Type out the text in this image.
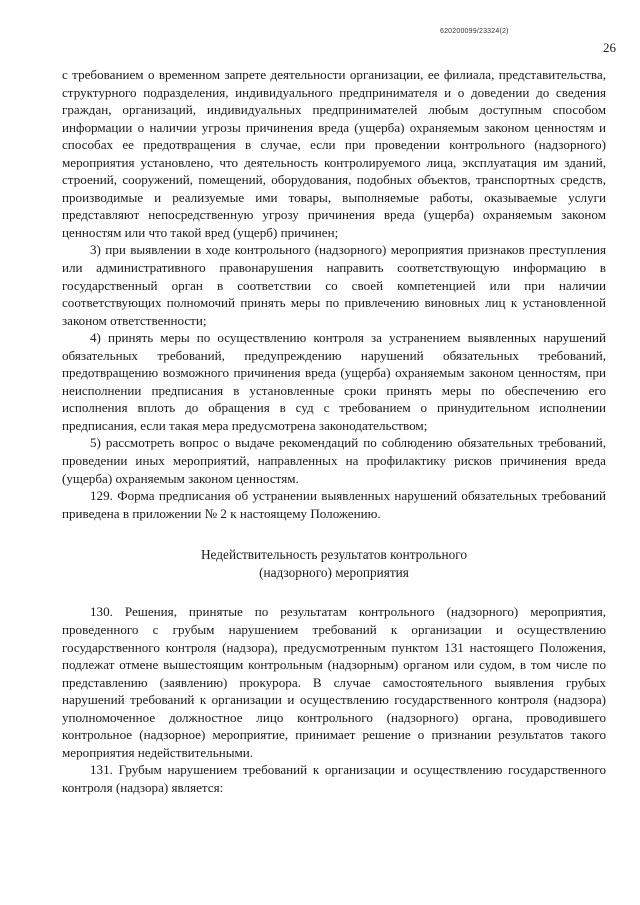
620200099/23324(2)
26

с требованием о временном запрете деятельности организации, ее филиала, представительства, структурного подразделения, индивидуального предпринимателя и о доведении до сведения граждан, организаций, индивидуальных предпринимателей любым доступным способом информации о наличии угрозы причинения вреда (ущерба) охраняемым законом ценностям и способах ее предотвращения в случае, если при проведении контрольного (надзорного) мероприятия установлено, что деятельность контролируемого лица, эксплуатация им зданий, строений, сооружений, помещений, оборудования, подобных объектов, транспортных средств, производимые и реализуемые ими товары, выполняемые работы, оказываемые услуги представляют непосредственную угрозу причинения вреда (ущерба) охраняемым законом ценностям или что такой вред (ущерб) причинен;

3) при выявлении в ходе контрольного (надзорного) мероприятия признаков преступления или административного правонарушения направить соответствующую информацию в государственный орган в соответствии со своей компетенцией или при наличии соответствующих полномочий принять меры по привлечению виновных лиц к установленной законом ответственности;

4) принять меры по осуществлению контроля за устранением выявленных нарушений обязательных требований, предупреждению нарушений обязательных требований, предотвращению возможного причинения вреда (ущерба) охраняемым законом ценностям, при неисполнении предписания в установленные сроки принять меры по обеспечению его исполнения вплоть до обращения в суд с требованием о принудительном исполнении предписания, если такая мера предусмотрена законодательством;

5) рассмотреть вопрос о выдаче рекомендаций по соблюдению обязательных требований, проведении иных мероприятий, направленных на профилактику рисков причинения вреда (ущерба) охраняемым законом ценностям.

129. Форма предписания об устранении выявленных нарушений обязательных требований приведена в приложении № 2 к настоящему Положению.

Недействительность результатов контрольного
(надзорного) мероприятия

130. Решения, принятые по результатам контрольного (надзорного) мероприятия, проведенного с грубым нарушением требований к организации и осуществлению государственного контроля (надзора), предусмотренным пунктом 131 настоящего Положения, подлежат отмене вышестоящим контрольным (надзорным) органом или судом, в том числе по представлению (заявлению) прокурора. В случае самостоятельного выявления грубых нарушений требований к организации и осуществлению государственного контроля (надзора) уполномоченное должностное лицо контрольного (надзорного) органа, проводившего контрольное (надзорное) мероприятие, принимает решение о признании результатов такого мероприятия недействительными.

131. Грубым нарушением требований к организации и осуществлению государственного контроля (надзора) является:
